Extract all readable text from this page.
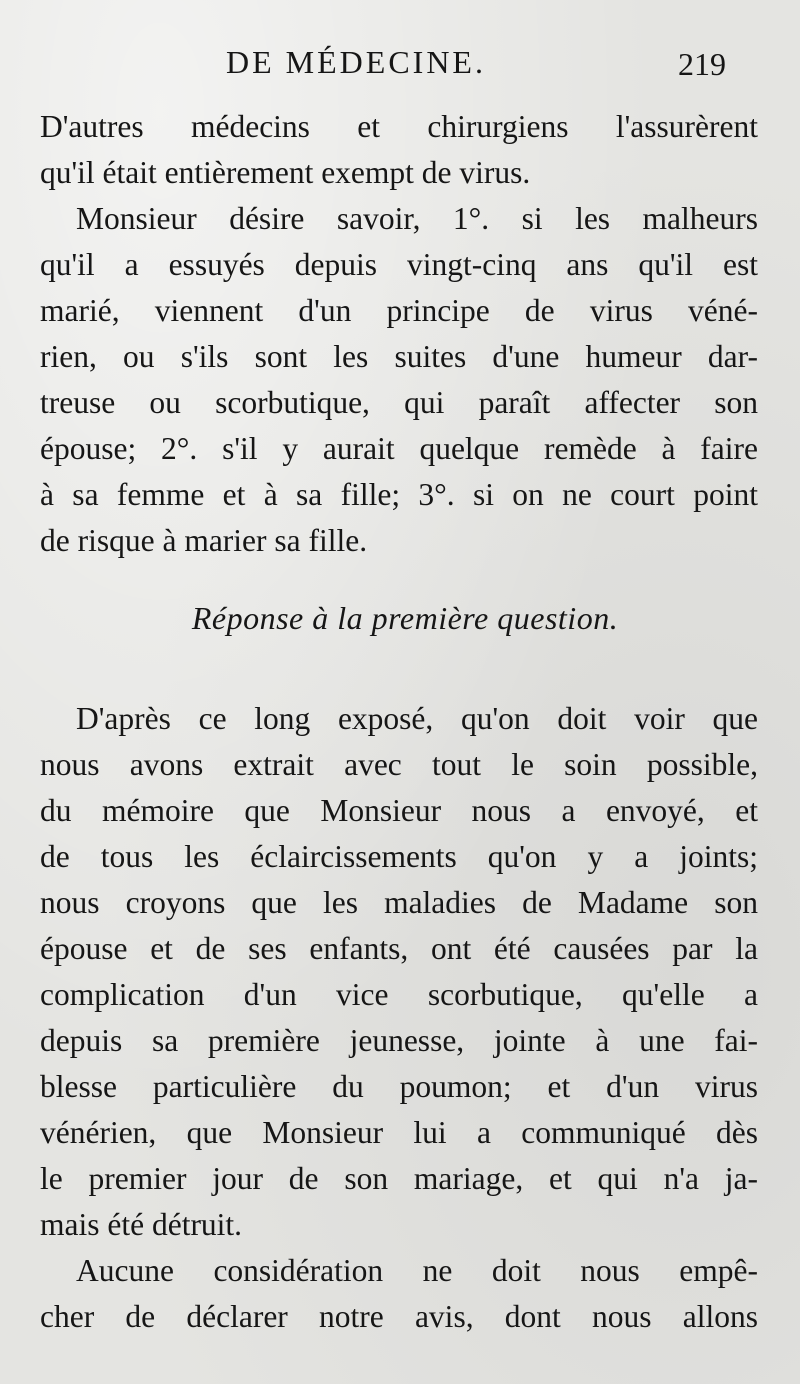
DE MÉDECINE.	219
D'autres médecins et chirurgiens l'assurèrent
qu'il était entièrement exempt de virus.
Monsieur désire savoir, 1°. si les malheurs
qu'il a essuyés depuis vingt-cinq ans qu'il est
marié, viennent d'un principe de virus véné-
rien, ou s'ils sont les suites d'une humeur dar-
treuse ou scorbutique, qui paraît affecter son
épouse; 2°. s'il y aurait quelque remède à faire
à sa femme et à sa fille; 3°. si on ne court point
de risque à marier sa fille.
Réponse à la première question.
D'après ce long exposé, qu'on doit voir que
nous avons extrait avec tout le soin possible,
du mémoire que Monsieur nous a envoyé, et
de tous les éclaircissements qu'on y a joints;
nous croyons que les maladies de Madame son
épouse et de ses enfants, ont été causées par la
complication d'un vice scorbutique, qu'elle a
depuis sa première jeunesse, jointe à une fai-
blesse particulière du poumon; et d'un virus
vénérien, que Monsieur lui a communiqué dès
le premier jour de son mariage, et qui n'a ja-
mais été détruit.
Aucune considération ne doit nous empê-
cher de déclarer notre avis, dont nous allons
